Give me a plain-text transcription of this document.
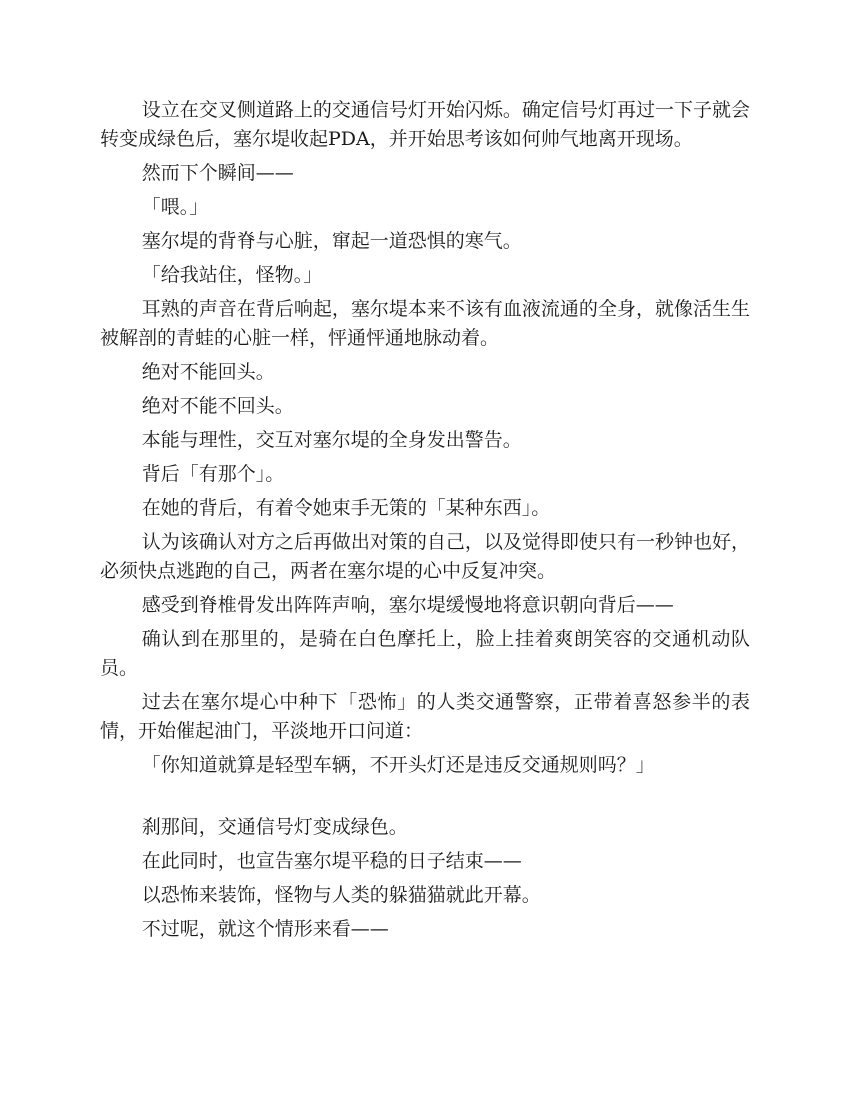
设立在交叉侧道路上的交通信号灯开始闪烁。确定信号灯再过一下子就会转变成绿色后，塞尔堤收起PDA，并开始思考该如何帅气地离开现场。

然而下个瞬间——

「喂。」

塞尔堤的背脊与心脏，窜起一道恐惧的寒气。

「给我站住，怪物。」

耳熟的声音在背后响起，塞尔堤本来不该有血液流通的全身，就像活生生被解剖的青蛙的心脏一样，怦通怦通地脉动着。

绝对不能回头。

绝对不能不回头。

本能与理性，交互对塞尔堤的全身发出警告。

背后「有那个」。

在她的背后，有着令她束手无策的「某种东西」。

认为该确认对方之后再做出对策的自己，以及觉得即使只有一秒钟也好，必须快点逃跑的自己，两者在塞尔堤的心中反复冲突。

感受到脊椎骨发出阵阵声响，塞尔堤缓慢地将意识朝向背后——

确认到在那里的，是骑在白色摩托上，脸上挂着爽朗笑容的交通机动队员。

过去在塞尔堤心中种下「恐怖」的人类交通警察，正带着喜怒参半的表情，开始催起油门，平淡地开口问道：

「你知道就算是轻型车辆，不开头灯还是违反交通规则吗？」

刹那间，交通信号灯变成绿色。

在此同时，也宣告塞尔堤平稳的日子结束——

以恐怖来装饰，怪物与人类的躲猫猫就此开幕。

不过呢，就这个情形来看——
